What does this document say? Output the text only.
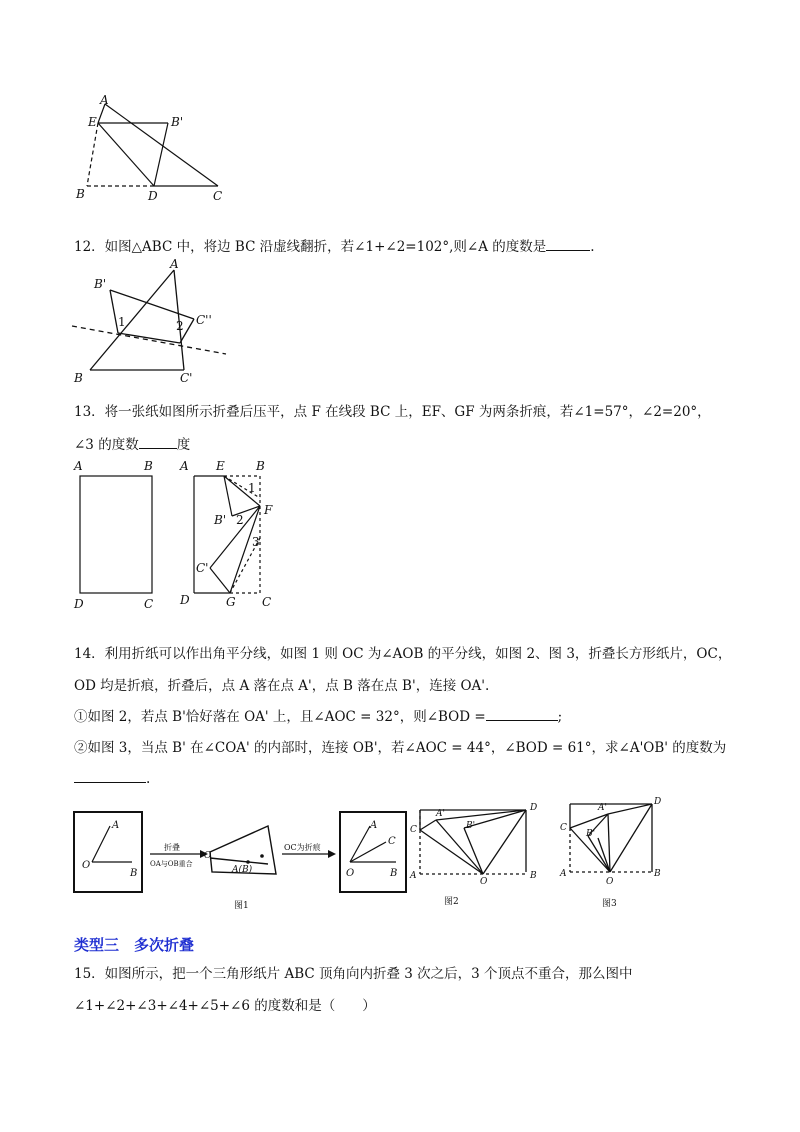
A
E	B'
B	D	C
12．如图△ABC 中，将边 BC 沿虚线翻折，若∠1+∠2=102°,则∠A 的度数是	.
A
B'
1	2 C''
B	C'
13．将一张纸如图所示折叠后压平，点 F 在线段 BC 上，EF、GF 为两条折痕，若∠1=57°，∠2=20°，
∠3 的度数	度
A	B
D	C
A E	B
1
B' 2
F
3
C'
D	G C
14．利用折纸可以作出角平分线，如图 1 则 OC 为∠AOB 的平分线，如图 2、图 3，折叠长方形纸片，OC，
OD 均是折痕，折叠后，点 A 落在点 A'，点 B 落在点 B'，连接 OA'.
①如图 2，若点 B'恰好落在 OA' 上，且∠AOC = 32°，则∠BOD =	;
②如图 3，当点 B' 在∠COA' 的内部时，连接 OB'，若∠AOC = 44°，∠BOD = 61°，求∠A'OB' 的度数为
.
A
O
B
折叠
OA与OB重合
O
A(B)
OC为折痕
A
C
O	B
图1
D
A'
B'
C
A
O
B
图2
D
A'
C
B'
B
A
O
图3
类型三　多次折叠
15．如图所示，把一个三角形纸片 ABC 顶角向内折叠 3 次之后，3 个顶点不重合，那么图中
∠1+∠2+∠3+∠4+∠5+∠6 的度数和是（　　）
